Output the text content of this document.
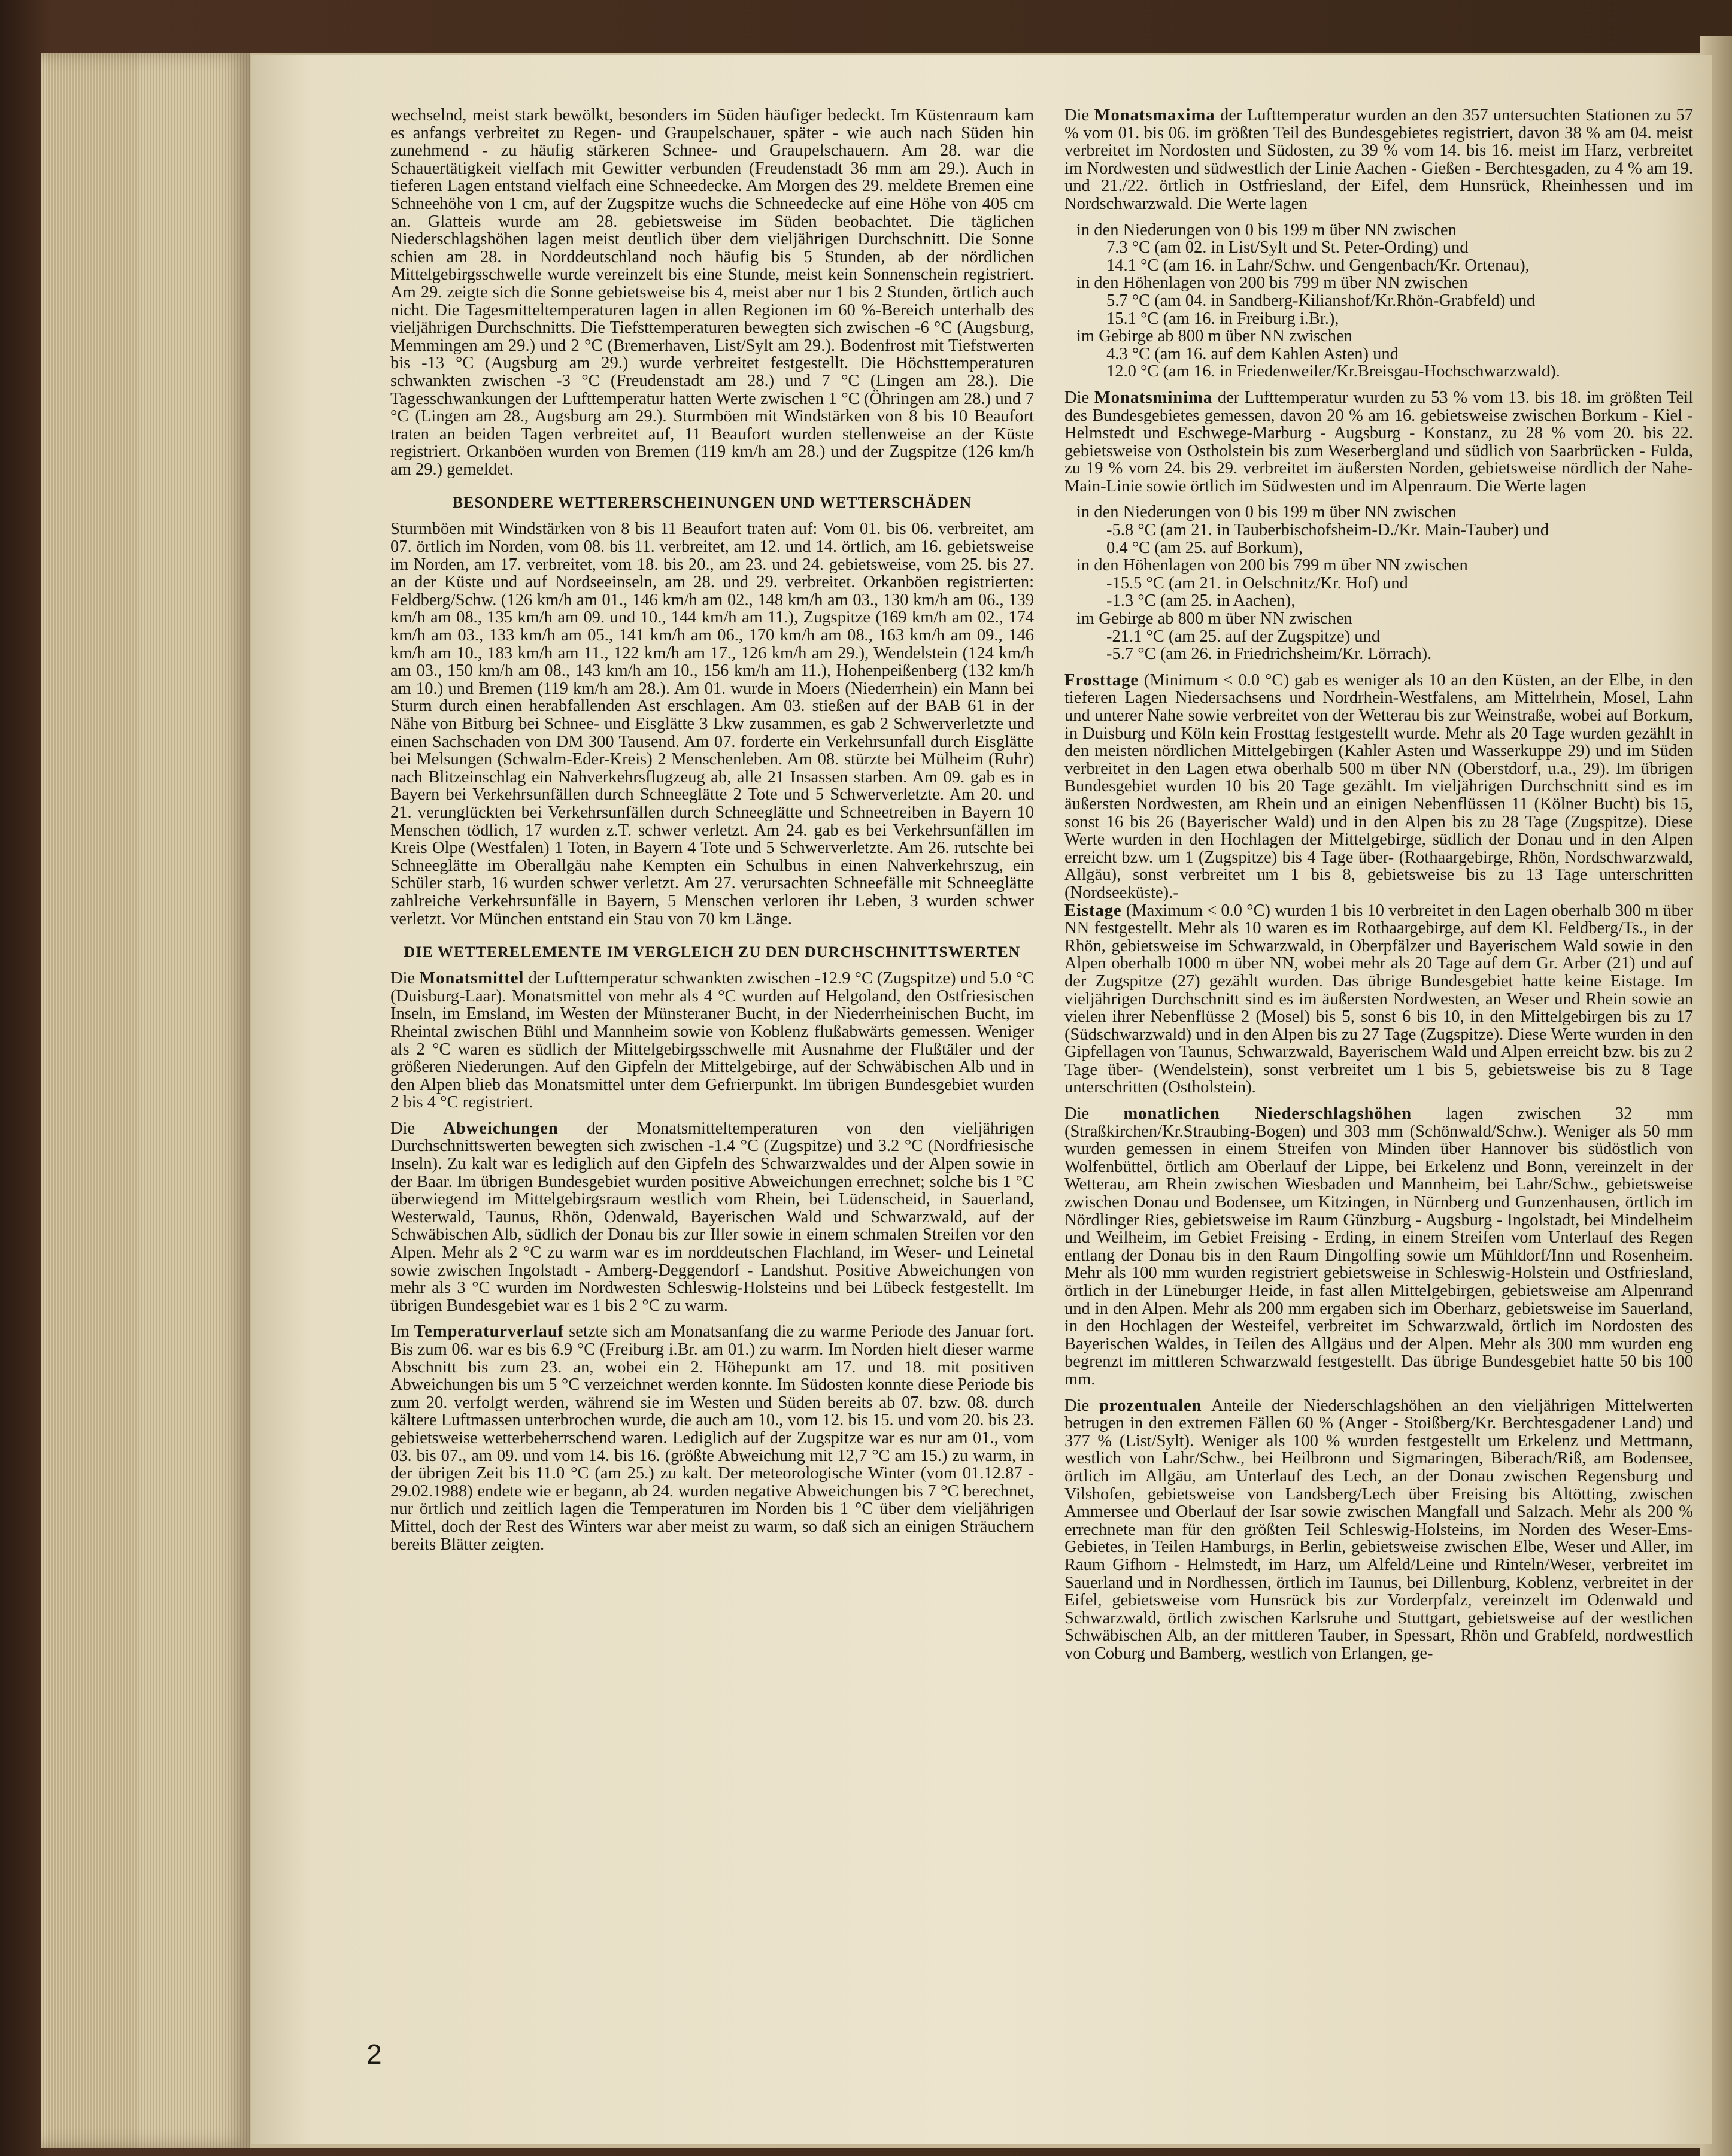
wechselnd, meist stark bewölkt, besonders im Süden häufiger bedeckt. Im Küstenraum kam es anfangs verbreitet zu Regen- und Graupelschauer, später - wie auch nach Süden hin zunehmend - zu häufig stärkeren Schnee- und Graupelschauern. Am 28. war die Schauertätigkeit vielfach mit Gewitter verbunden (Freudenstadt 36 mm am 29.). Auch in tieferen Lagen entstand vielfach eine Schneedecke. Am Morgen des 29. meldete Bremen eine Schneehöhe von 1 cm, auf der Zugspitze wuchs die Schneedecke auf eine Höhe von 405 cm an. Glatteis wurde am 28. gebietsweise im Süden beobachtet. Die täglichen Niederschlagshöhen lagen meist deutlich über dem vieljährigen Durchschnitt. Die Sonne schien am 28. in Norddeutschland noch häufig bis 5 Stunden, ab der nördlichen Mittelgebirgsschwelle wurde vereinzelt bis eine Stunde, meist kein Sonnenschein registriert. Am 29. zeigte sich die Sonne gebietsweise bis 4, meist aber nur 1 bis 2 Stunden, örtlich auch nicht. Die Tagesmitteltemperaturen lagen in allen Regionen im 60 %-Bereich unterhalb des vieljährigen Durchschnitts. Die Tiefsttemperaturen bewegten sich zwischen -6 °C (Augsburg, Memmingen am 29.) und 2 °C (Bremerhaven, List/Sylt am 29.). Bodenfrost mit Tiefstwerten bis -13 °C (Augsburg am 29.) wurde verbreitet festgestellt. Die Höchsttemperaturen schwankten zwischen -3 °C (Freudenstadt am 28.) und 7 °C (Lingen am 28.). Die Tagesschwankungen der Lufttemperatur hatten Werte zwischen 1 °C (Öhringen am 28.) und 7 °C (Lingen am 28., Augsburg am 29.). Sturmböen mit Windstärken von 8 bis 10 Beaufort traten an beiden Tagen verbreitet auf, 11 Beaufort wurden stellenweise an der Küste registriert. Orkanböen wurden von Bremen (119 km/h am 28.) und der Zugspitze (126 km/h am 29.) gemeldet.

BESONDERE WETTERERSCHEINUNGEN UND WETTERSCHÄDEN

Sturmböen mit Windstärken von 8 bis 11 Beaufort traten auf: Vom 01. bis 06. verbreitet, am 07. örtlich im Norden, vom 08. bis 11. verbreitet, am 12. und 14. örtlich, am 16. gebietsweise im Norden, am 17. verbreitet, vom 18. bis 20., am 23. und 24. gebietsweise, vom 25. bis 27. an der Küste und auf Nordseeinseln, am 28. und 29. verbreitet. Orkanböen registrierten: Feldberg/Schw. (126 km/h am 01., 146 km/h am 02., 148 km/h am 03., 130 km/h am 06., 139 km/h am 08., 135 km/h am 09. und 10., 144 km/h am 11.), Zugspitze (169 km/h am 02., 174 km/h am 03., 133 km/h am 05., 141 km/h am 06., 170 km/h am 08., 163 km/h am 09., 146 km/h am 10., 183 km/h am 11., 122 km/h am 17., 126 km/h am 29.), Wendelstein (124 km/h am 03., 150 km/h am 08., 143 km/h am 10., 156 km/h am 11.), Hohenpeißenberg (132 km/h am 10.) und Bremen (119 km/h am 28.). Am 01. wurde in Moers (Niederrhein) ein Mann bei Sturm durch einen herabfallenden Ast erschlagen. Am 03. stießen auf der BAB 61 in der Nähe von Bitburg bei Schnee- und Eisglätte 3 Lkw zusammen, es gab 2 Schwerverletzte und einen Sachschaden von DM 300 Tausend. Am 07. forderte ein Verkehrsunfall durch Eisglätte bei Melsungen (Schwalm-Eder-Kreis) 2 Menschenleben. Am 08. stürzte bei Mülheim (Ruhr) nach Blitzeinschlag ein Nahverkehrsflugzeug ab, alle 21 Insassen starben. Am 09. gab es in Bayern bei Verkehrsunfällen durch Schneeglätte 2 Tote und 5 Schwerverletzte. Am 20. und 21. verunglückten bei Verkehrsunfällen durch Schneeglätte und Schneetreiben in Bayern 10 Menschen tödlich, 17 wurden z.T. schwer verletzt. Am 24. gab es bei Verkehrsunfällen im Kreis Olpe (Westfalen) 1 Toten, in Bayern 4 Tote und 5 Schwerverletzte. Am 26. rutschte bei Schneeglätte im Oberallgäu nahe Kempten ein Schulbus in einen Nahverkehrszug, ein Schüler starb, 16 wurden schwer verletzt. Am 27. verursachten Schneefälle mit Schneeglätte zahlreiche Verkehrsunfälle in Bayern, 5 Menschen verloren ihr Leben, 3 wurden schwer verletzt. Vor München entstand ein Stau von 70 km Länge.

DIE WETTERELEMENTE IM VERGLEICH ZU DEN DURCHSCHNITTSWERTEN

Die Monatsmittel der Lufttemperatur schwankten zwischen -12.9 °C (Zugspitze) und 5.0 °C (Duisburg-Laar). Monatsmittel von mehr als 4 °C wurden auf Helgoland, den Ostfriesischen Inseln, im Emsland, im Westen der Münsteraner Bucht, in der Niederrheinischen Bucht, im Rheintal zwischen Bühl und Mannheim sowie von Koblenz flußabwärts gemessen. Weniger als 2 °C waren es südlich der Mittelgebirgsschwelle mit Ausnahme der Flußtäler und der größeren Niederungen. Auf den Gipfeln der Mittelgebirge, auf der Schwäbischen Alb und in den Alpen blieb das Monatsmittel unter dem Gefrierpunkt. Im übrigen Bundesgebiet wurden 2 bis 4 °C registriert.

Die Abweichungen der Monatsmitteltemperaturen von den vieljährigen Durchschnittswerten bewegten sich zwischen -1.4 °C (Zugspitze) und 3.2 °C (Nordfriesische Inseln). Zu kalt war es lediglich auf den Gipfeln des Schwarzwaldes und der Alpen sowie in der Baar. Im übrigen Bundesgebiet wurden positive Abweichungen errechnet; solche bis 1 °C überwiegend im Mittelgebirgsraum westlich vom Rhein, bei Lüdenscheid, in Sauerland, Westerwald, Taunus, Rhön, Odenwald, Bayerischen Wald und Schwarzwald, auf der Schwäbischen Alb, südlich der Donau bis zur Iller sowie in einem schmalen Streifen vor den Alpen. Mehr als 2 °C zu warm war es im norddeutschen Flachland, im Weser- und Leinetal sowie zwischen Ingolstadt - Amberg-Deggendorf - Landshut. Positive Abweichungen von mehr als 3 °C wurden im Nordwesten Schleswig-Holsteins und bei Lübeck festgestellt. Im übrigen Bundesgebiet war es 1 bis 2 °C zu warm.

Im Temperaturverlauf setzte sich am Monatsanfang die zu warme Periode des Januar fort. Bis zum 06. war es bis 6.9 °C (Freiburg i.Br. am 01.) zu warm. Im Norden hielt dieser warme Abschnitt bis zum 23. an, wobei ein 2. Höhepunkt am 17. und 18. mit positiven Abweichungen bis um 5 °C verzeichnet werden konnte. Im Südosten konnte diese Periode bis zum 20. verfolgt werden, während sie im Westen und Süden bereits ab 07. bzw. 08. durch kältere Luftmassen unterbrochen wurde, die auch am 10., vom 12. bis 15. und vom 20. bis 23. gebietsweise wetterbeherrschend waren. Lediglich auf der Zugspitze war es nur am 01., vom 03. bis 07., am 09. und vom 14. bis 16. (größte Abweichung mit 12,7 °C am 15.) zu warm, in der übrigen Zeit bis 11.0 °C (am 25.) zu kalt. Der meteorologische Winter (vom 01.12.87 - 29.02.1988) endete wie er begann, ab 24. wurden negative Abweichungen bis 7 °C berechnet, nur örtlich und zeitlich lagen die Temperaturen im Norden bis 1 °C über dem vieljährigen Mittel, doch der Rest des Winters war aber meist zu warm, so daß sich an einigen Sträuchern bereits Blätter zeigten.

Die Monatsmaxima der Lufttemperatur wurden an den 357 untersuchten Stationen zu 57 % vom 01. bis 06. im größten Teil des Bundesgebietes registriert, davon 38 % am 04. meist verbreitet im Nordosten und Südosten, zu 39 % vom 14. bis 16. meist im Harz, verbreitet im Nordwesten und südwestlich der Linie Aachen - Gießen - Berchtesgaden, zu 4 % am 19. und 21./22. örtlich in Ostfriesland, der Eifel, dem Hunsrück, Rheinhessen und im Nordschwarzwald. Die Werte lagen

in den Niederungen von 0 bis 199 m über NN zwischen
7.3 °C (am 02. in List/Sylt und St. Peter-Ording) und
14.1 °C (am 16. in Lahr/Schw. und Gengenbach/Kr. Ortenau),
in den Höhenlagen von 200 bis 799 m über NN zwischen
5.7 °C (am 04. in Sandberg-Kilianshof/Kr.Rhön-Grabfeld) und
15.1 °C (am 16. in Freiburg i.Br.),
im Gebirge ab 800 m über NN zwischen
4.3 °C (am 16. auf dem Kahlen Asten) und
12.0 °C (am 16. in Friedenweiler/Kr.Breisgau-Hochschwarzwald).

Die Monatsminima der Lufttemperatur wurden zu 53 % vom 13. bis 18. im größten Teil des Bundesgebietes gemessen, davon 20 % am 16. gebietsweise zwischen Borkum - Kiel - Helmstedt und Eschwege-Marburg - Augsburg - Konstanz, zu 28 % vom 20. bis 22. gebietsweise von Ostholstein bis zum Weserbergland und südlich von Saarbrücken - Fulda, zu 19 % vom 24. bis 29. verbreitet im äußersten Norden, gebietsweise nördlich der Nahe-Main-Linie sowie örtlich im Südwesten und im Alpenraum. Die Werte lagen

in den Niederungen von 0 bis 199 m über NN zwischen
-5.8 °C (am 21. in Tauberbischofsheim-D./Kr. Main-Tauber) und
0.4 °C (am 25. auf Borkum),
in den Höhenlagen von 200 bis 799 m über NN zwischen
-15.5 °C (am 21. in Oelschnitz/Kr. Hof) und
-1.3 °C (am 25. in Aachen),
im Gebirge ab 800 m über NN zwischen
-21.1 °C (am 25. auf der Zugspitze) und
-5.7 °C (am 26. in Friedrichsheim/Kr. Lörrach).

Frosttage (Minimum < 0.0 °C) gab es weniger als 10 an den Küsten, an der Elbe, in den tieferen Lagen Niedersachsens und Nordrhein-Westfalens, am Mittelrhein, Mosel, Lahn und unterer Nahe sowie verbreitet von der Wetterau bis zur Weinstraße, wobei auf Borkum, in Duisburg und Köln kein Frosttag festgestellt wurde. Mehr als 20 Tage wurden gezählt in den meisten nördlichen Mittelgebirgen (Kahler Asten und Wasserkuppe 29) und im Süden verbreitet in den Lagen etwa oberhalb 500 m über NN (Oberstdorf, u.a., 29). Im übrigen Bundesgebiet wurden 10 bis 20 Tage gezählt. Im vieljährigen Durchschnitt sind es im äußersten Nordwesten, am Rhein und an einigen Nebenflüssen 11 (Kölner Bucht) bis 15, sonst 16 bis 26 (Bayerischer Wald) und in den Alpen bis zu 28 Tage (Zugspitze). Diese Werte wurden in den Hochlagen der Mittelgebirge, südlich der Donau und in den Alpen erreicht bzw. um 1 (Zugspitze) bis 4 Tage über- (Rothaargebirge, Rhön, Nordschwarzwald, Allgäu), sonst verbreitet um 1 bis 8, gebietsweise bis zu 13 Tage unterschritten (Nordseeküste).-
Eistage (Maximum < 0.0 °C) wurden 1 bis 10 verbreitet in den Lagen oberhalb 300 m über NN festgestellt. Mehr als 10 waren es im Rothaargebirge, auf dem Kl. Feldberg/Ts., in der Rhön, gebietsweise im Schwarzwald, in Oberpfälzer und Bayerischem Wald sowie in den Alpen oberhalb 1000 m über NN, wobei mehr als 20 Tage auf dem Gr. Arber (21) und auf der Zugspitze (27) gezählt wurden. Das übrige Bundesgebiet hatte keine Eistage. Im vieljährigen Durchschnitt sind es im äußersten Nordwesten, an Weser und Rhein sowie an vielen ihrer Nebenflüsse 2 (Mosel) bis 5, sonst 6 bis 10, in den Mittelgebirgen bis zu 17 (Südschwarzwald) und in den Alpen bis zu 27 Tage (Zugspitze). Diese Werte wurden in den Gipfellagen von Taunus, Schwarzwald, Bayerischem Wald und Alpen erreicht bzw. bis zu 2 Tage über- (Wendelstein), sonst verbreitet um 1 bis 5, gebietsweise bis zu 8 Tage unterschritten (Ostholstein).

Die monatlichen Niederschlagshöhen lagen zwischen 32 mm (Straßkirchen/Kr.Straubing-Bogen) und 303 mm (Schönwald/Schw.). Weniger als 50 mm wurden gemessen in einem Streifen von Minden über Hannover bis südöstlich von Wolfenbüttel, örtlich am Oberlauf der Lippe, bei Erkelenz und Bonn, vereinzelt in der Wetterau, am Rhein zwischen Wiesbaden und Mannheim, bei Lahr/Schw., gebietsweise zwischen Donau und Bodensee, um Kitzingen, in Nürnberg und Gunzenhausen, örtlich im Nördlinger Ries, gebietsweise im Raum Günzburg - Augsburg - Ingolstadt, bei Mindelheim und Weilheim, im Gebiet Freising - Erding, in einem Streifen vom Unterlauf des Regen entlang der Donau bis in den Raum Dingolfing sowie um Mühldorf/Inn und Rosenheim. Mehr als 100 mm wurden registriert gebietsweise in Schleswig-Holstein und Ostfriesland, örtlich in der Lüneburger Heide, in fast allen Mittelgebirgen, gebietsweise am Alpenrand und in den Alpen. Mehr als 200 mm ergaben sich im Oberharz, gebietsweise im Sauerland, in den Hochlagen der Westeifel, verbreitet im Schwarzwald, örtlich im Nordosten des Bayerischen Waldes, in Teilen des Allgäus und der Alpen. Mehr als 300 mm wurden eng begrenzt im mittleren Schwarzwald festgestellt. Das übrige Bundesgebiet hatte 50 bis 100 mm.

Die prozentualen Anteile der Niederschlagshöhen an den vieljährigen Mittelwerten betrugen in den extremen Fällen 60 % (Anger - Stoißberg/Kr. Berchtesgadener Land) und 377 % (List/Sylt). Weniger als 100 % wurden festgestellt um Erkelenz und Mettmann, westlich von Lahr/Schw., bei Heilbronn und Sigmaringen, Biberach/Riß, am Bodensee, örtlich im Allgäu, am Unterlauf des Lech, an der Donau zwischen Regensburg und Vilshofen, gebietsweise von Landsberg/Lech über Freising bis Altötting, zwischen Ammersee und Oberlauf der Isar sowie zwischen Mangfall und Salzach. Mehr als 200 % errechnete man für den größten Teil Schleswig-Holsteins, im Norden des Weser-Ems-Gebietes, in Teilen Hamburgs, in Berlin, gebietsweise zwischen Elbe, Weser und Aller, im Raum Gifhorn - Helmstedt, im Harz, um Alfeld/Leine und Rinteln/Weser, verbreitet im Sauerland und in Nordhessen, örtlich im Taunus, bei Dillenburg, Koblenz, verbreitet in der Eifel, gebietsweise vom Hunsrück bis zur Vorderpfalz, vereinzelt im Odenwald und Schwarzwald, örtlich zwischen Karlsruhe und Stuttgart, gebietsweise auf der westlichen Schwäbischen Alb, an der mittleren Tauber, in Spessart, Rhön und Grabfeld, nordwestlich von Coburg und Bamberg, westlich von Erlangen, ge-

2
